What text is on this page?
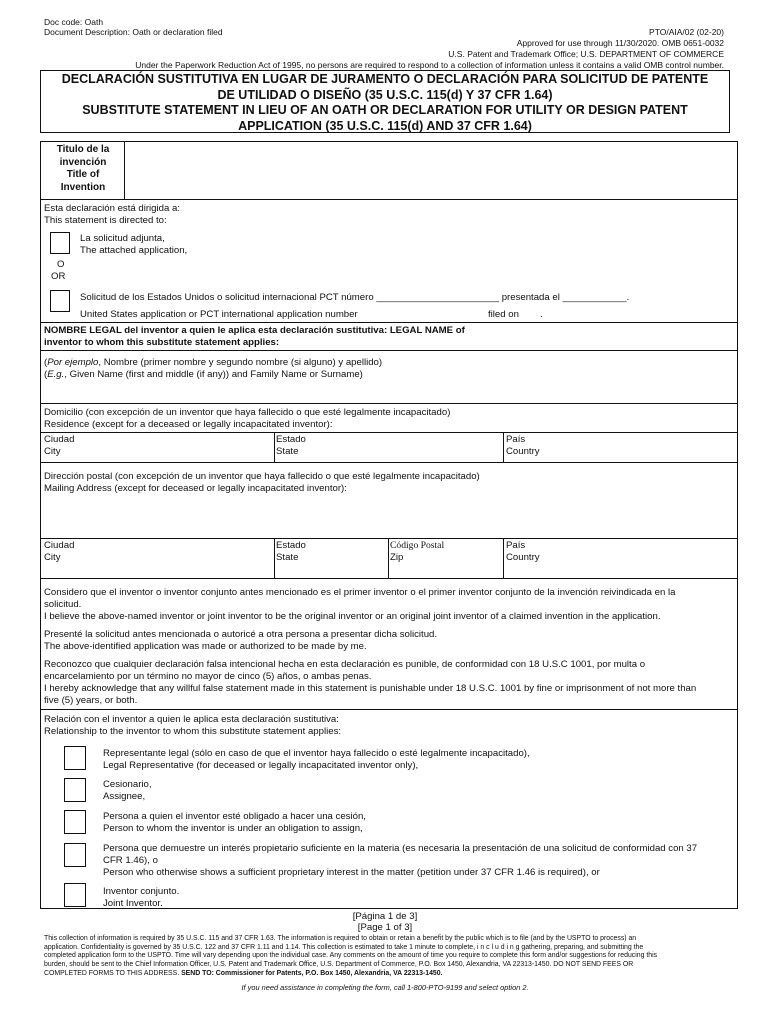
Doc code: Oath
Document Description: Oath or declaration filed	PTO/AIA/02 (02-20)
Approved for use through 11/30/2020. OMB 0651-0032
U.S. Patent and Trademark Office; U.S. DEPARTMENT OF COMMERCE
Under the Paperwork Reduction Act of 1995, no persons are required to respond to a collection of information unless it contains a valid OMB control number.
DECLARACIÓN SUSTITUTIVA EN LUGAR DE JURAMENTO O DECLARACIÓN PARA SOLICITUD DE PATENTE
DE UTILIDAD O DISEÑO (35 U.S.C. 115(d) Y 37 CFR 1.64)
SUBSTITUTE STATEMENT IN LIEU OF AN OATH OR DECLARATION FOR UTILITY OR DESIGN PATENT
APPLICATION (35 U.S.C. 115(d) AND 37 CFR 1.64)
Titulo de la
invención
Title of
Invention
Esta declaración está dirigida a:
This statement is directed to:
La solicitud adjunta,
The attached application,
O
OR
Solicitud de los Estados Unidos o solicitud internacional PCT número _______________________ presentada el ____________.
United States application or PCT international application number	filed on .
NOMBRE LEGAL del inventor a quien le aplica esta declaración sustitutiva: LEGAL NAME of
inventor to whom this substitute statement applies:
(Por ejemplo, Nombre (primer nombre y segundo nombre (si alguno) y apellido)
(E.g., Given Name (first and middle (if any)) and Family Name or Surname)
Domicilio (con excepción de un inventor que haya fallecido o que esté legalmente incapacitado)
Residence (except for a deceased or legally incapacitated inventor):
Ciudad
City
Estado
State
País
Country
Dirección postal (con excepción de un inventor que haya fallecido o que esté legalmente incapacitado)
Mailing Address (except for deceased or legally incapacitated inventor):
Ciudad
City
Estado
State
Código Postal
Zip
País
Country
Considero que el inventor o inventor conjunto antes mencionado es el primer inventor o el primer inventor conjunto de la invención reivindicada en la
solicitud.
I believe the above-named inventor or joint inventor to be the original inventor or an original joint inventor of a claimed invention in the application.
Presenté la solicitud antes mencionada o autoricé a otra persona a presentar dicha solicitud.
The above-identified application was made or authorized to be made by me.
Reconozco que cualquier declaración falsa intencional hecha en esta declaración es punible, de conformidad con 18 U.S.C 1001, por multa o
encarcelamiento por un término no mayor de cinco (5) años, o ambas penas.
I hereby acknowledge that any willful false statement made in this statement is punishable under 18 U.S.C. 1001 by fine or imprisonment of not more than
five (5) years, or both.
Relación con el inventor a quien le aplica esta declaración sustitutiva:
Relationship to the inventor to whom this substitute statement applies:
Representante legal (sólo en caso de que el inventor haya fallecido o esté legalmente incapacitado),
Legal Representative (for deceased or legally incapacitated inventor only),
Cesionario,
Assignee,
Persona a quien el inventor esté obligado a hacer una cesión,
Person to whom the inventor is under an obligation to assign,
Persona que demuestre un interés propietario suficiente en la materia (es necesaria la presentación de una solicitud de conformidad con 37
CFR 1.46), o
Person who otherwise shows a sufficient proprietary interest in the matter (petition under 37 CFR 1.46 is required), or
Inventor conjunto.
Joint Inventor.
[Página 1 de 3]
[Page 1 of 3]
This collection of information is required by 35 U.S.C. 115 and 37 CFR 1.63. The information is required to obtain or retain a benefit by the public which is to file (and by the USPTO to process) an
application. Confidentiality is governed by 35 U.S.C. 122 and 37 CFR 1.11 and 1.14. This collection is estimated to take 1 minute to complete, i n c l u d i n g gathering, preparing, and submitting the
completed application form to the USPTO. Time will vary depending upon the individual case. Any comments on the amount of time you require to complete this form and/or suggestions for reducing this
burden, should be sent to the Chief Information Officer, U.S. Patent and Trademark Office, U.S. Department of Commerce, P.O. Box 1450, Alexandria, VA 22313-1450. DO NOT SEND FEES OR
COMPLETED FORMS TO THIS ADDRESS. SEND TO: Commissioner for Patents, P.O. Box 1450, Alexandria, VA 22313-1450.
If you need assistance in completing the form, call 1-800-PTO-9199 and select option 2.
